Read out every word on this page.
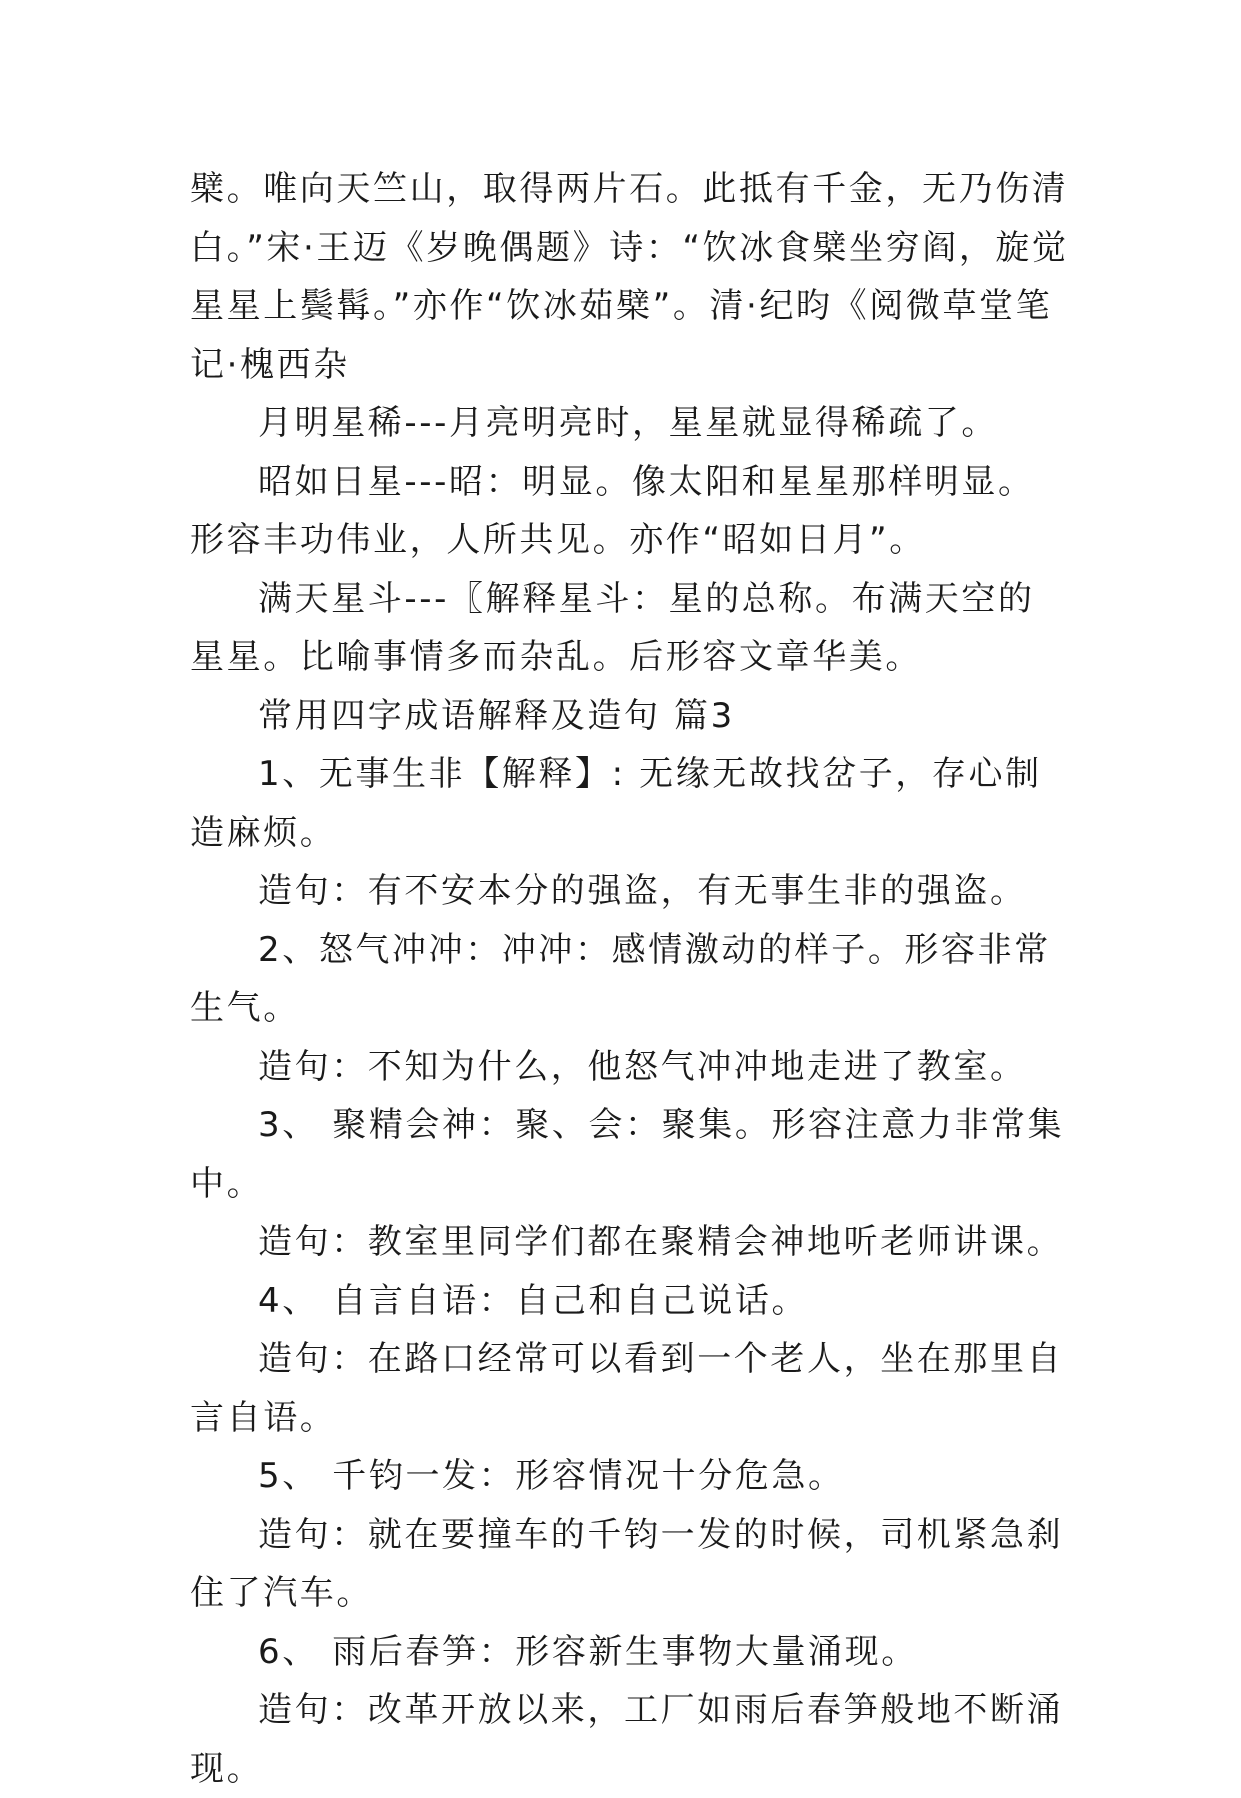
檗。唯向天竺山，取得两片石。此抵有千金，无乃伤清白。”宋·王迈《岁晚偶题》诗：“饮冰食檗坐穷阎，旋觉星星上鬓髯。”亦作“饮冰茹檗”。清·纪昀《阅微草堂笔记·槐西杂

月明星稀---月亮明亮时，星星就显得稀疏了。

昭如日星---昭：明显。像太阳和星星那样明显。形容丰功伟业，人所共见。亦作“昭如日月”。

满天星斗---〖解释星斗：星的总称。布满天空的星星。比喻事情多而杂乱。后形容文章华美。

常用四字成语解释及造句 篇3

1、无事生非【解释】: 无缘无故找岔子，存心制造麻烦。

造句：有不安本分的强盗，有无事生非的强盗。

2、怒气冲冲：冲冲：感情激动的样子。形容非常生气。

造句：不知为什么，他怒气冲冲地走进了教室。

3、 聚精会神：聚、会：聚集。形容注意力非常集中。

造句：教室里同学们都在聚精会神地听老师讲课。

4、 自言自语：自己和自己说话。

造句：在路口经常可以看到一个老人，坐在那里自言自语。

5、 千钧一发：形容情况十分危急。

造句：就在要撞车的千钧一发的时候，司机紧急刹住了汽车。

6、 雨后春笋：形容新生事物大量涌现。

造句：改革开放以来，工厂如雨后春笋般地不断涌现。
